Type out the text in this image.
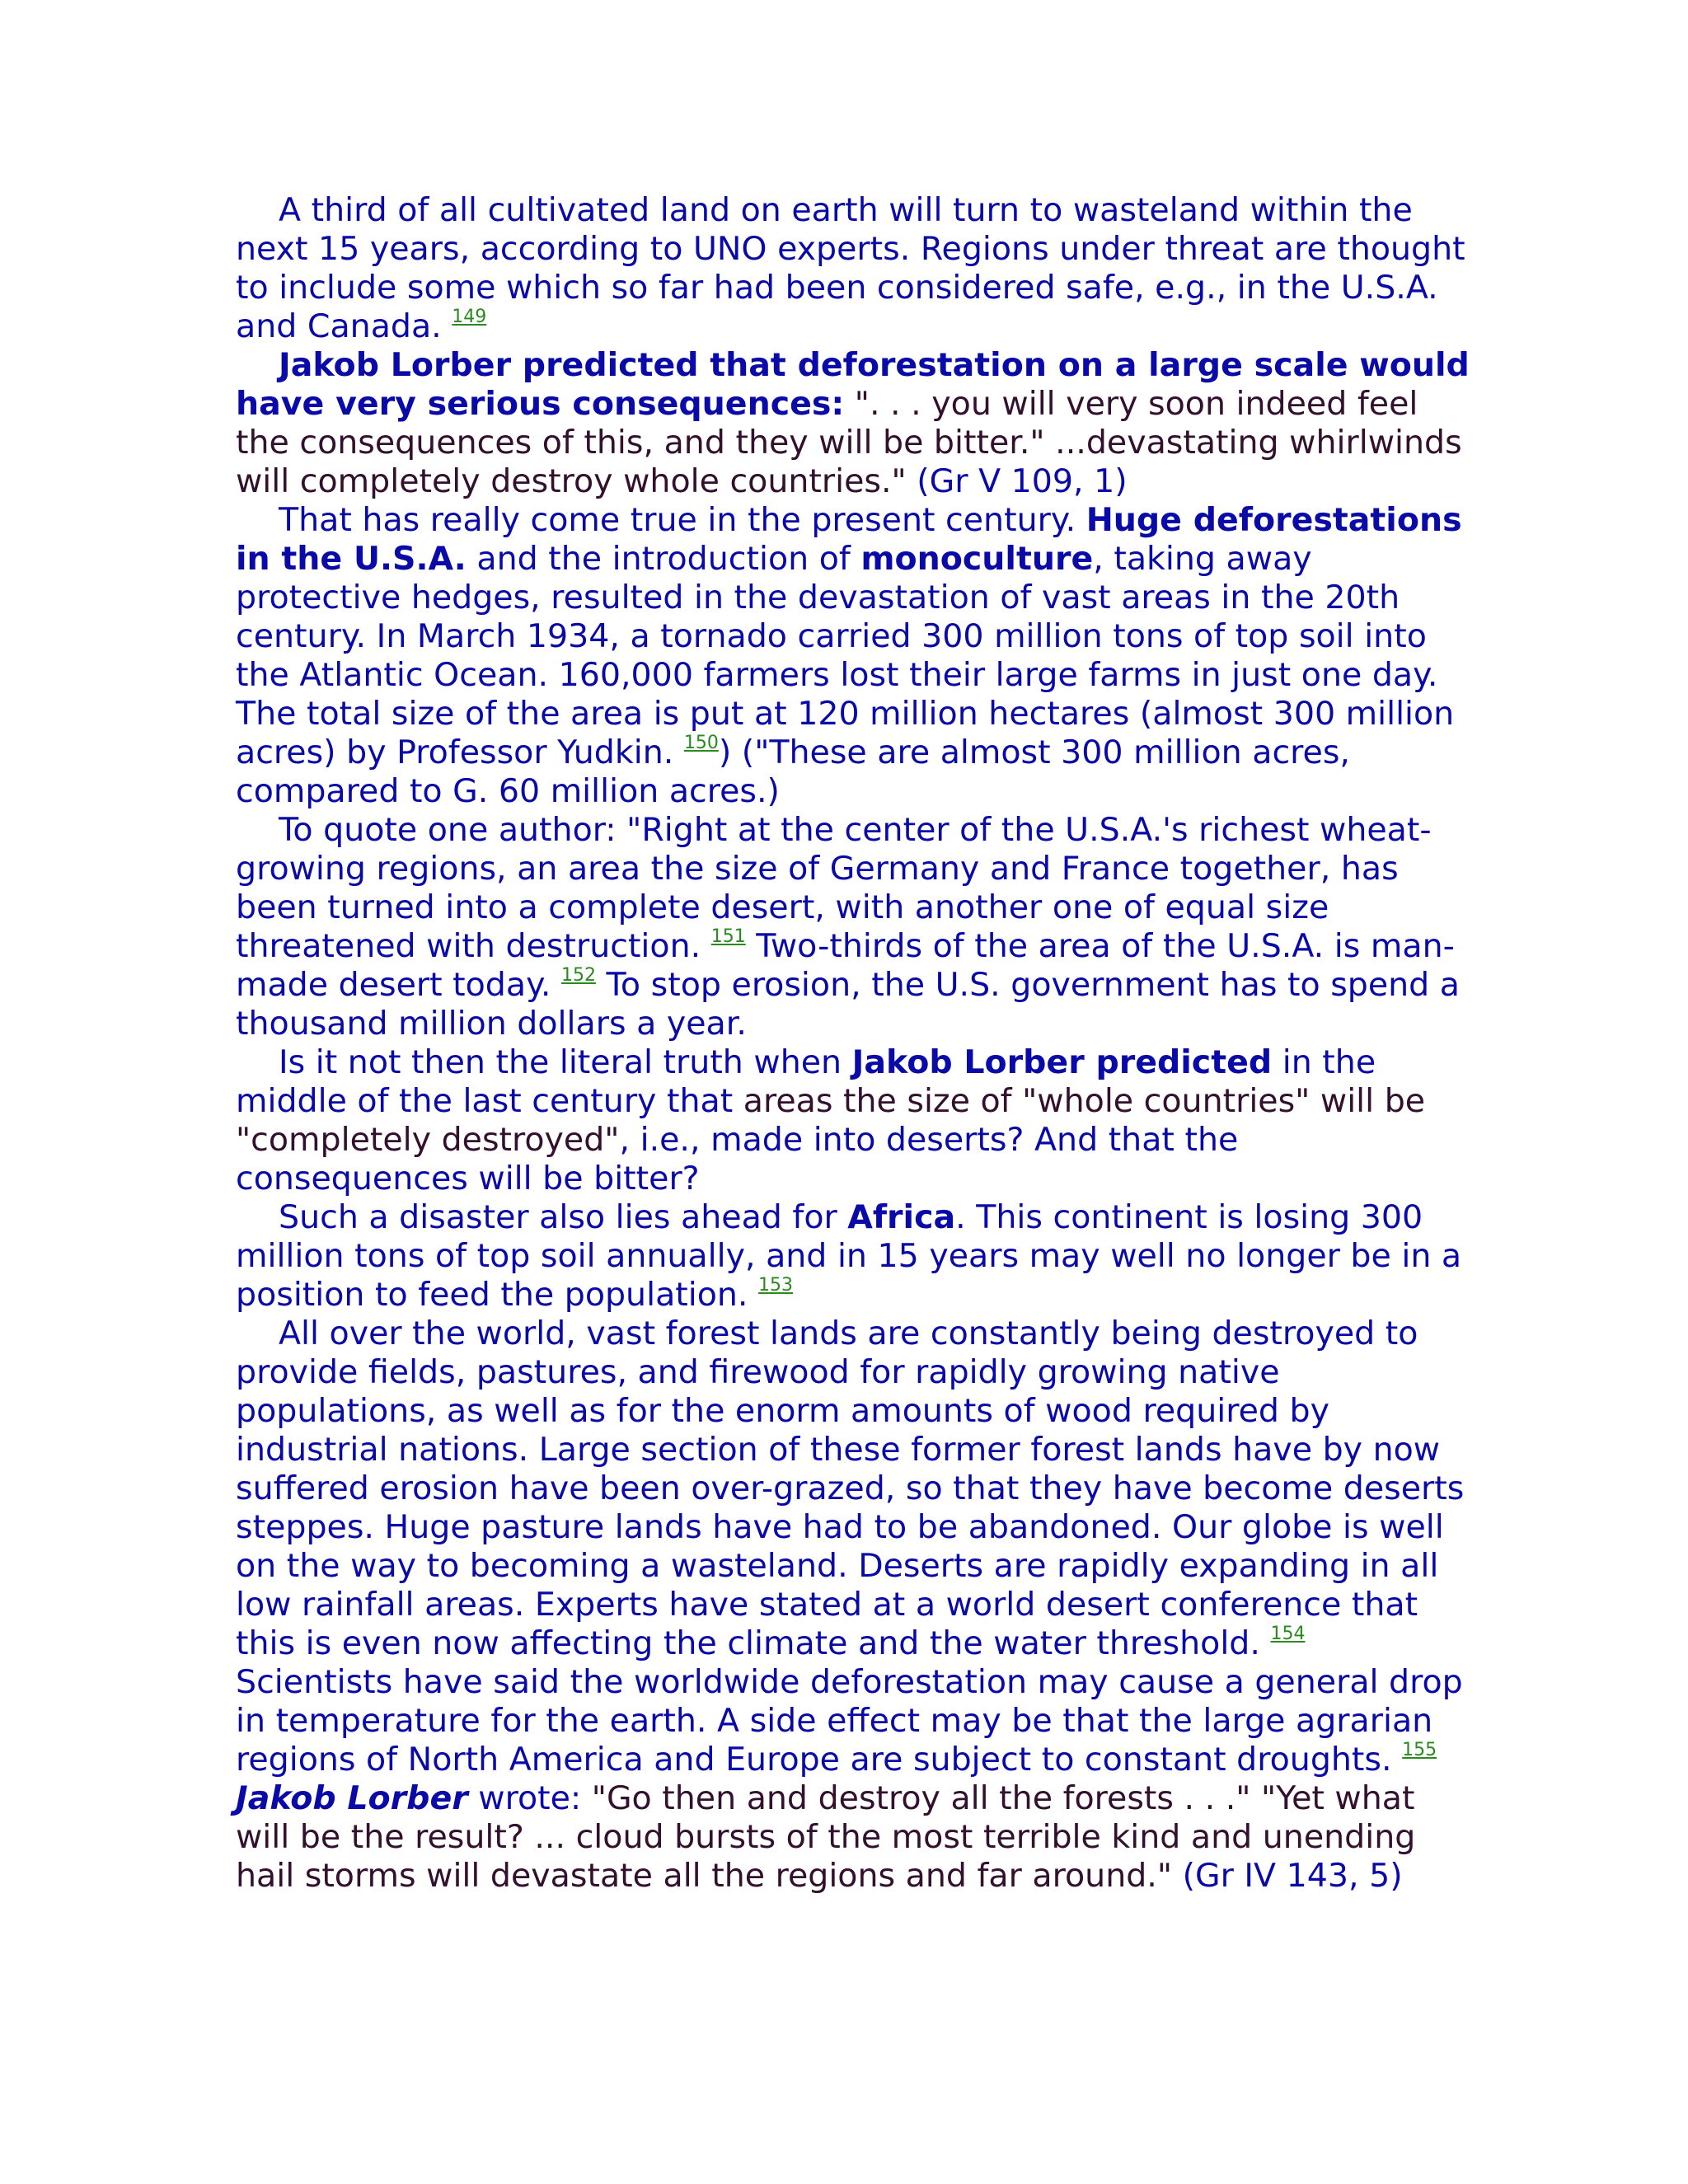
A third of all cultivated land on earth will turn to wasteland within the next 15 years, according to UNO experts. Regions under threat are thought to include some which so far had been considered safe, e.g., in the U.S.A. and Canada. $^{149}$

Jakob Lorber predicted that deforestation on a large scale would have very serious consequences: ". . . you will very soon indeed feel the consequences of this, and they will be bitter." ...devastating whirlwinds will completely destroy whole countries." (Gr V 109, 1)

That has really come true in the present century. Huge deforestations in the U.S.A. and the introduction of monoculture, taking away protective hedges, resulted in the devastation of vast areas in the 20th century. In March 1934, a tornado carried 300 million tons of top soil into the Atlantic Ocean. 160,000 farmers lost their large farms in just one day. The total size of the area is put at 120 million hectares (almost 300 million acres) by Professor Yudkin. $^{150}$) ("These are almost 300 million acres, compared to G. 60 million acres.)

To quote one author: "Right at the center of the U.S.A.'s richest wheat-growing regions, an area the size of Germany and France together, has been turned into a complete desert, with another one of equal size threatened with destruction. $^{151}$ Two-thirds of the area of the U.S.A. is man-made desert today. $^{152}$ To stop erosion, the U.S. government has to spend a thousand million dollars a year.

Is it not then the literal truth when Jakob Lorber predicted in the middle of the last century that areas the size of "whole countries" will be "completely destroyed", i.e., made into deserts? And that the consequences will be bitter?

Such a disaster also lies ahead for Africa. This continent is losing 300 million tons of top soil annually, and in 15 years may well no longer be in a position to feed the population. $^{153}$

All over the world, vast forest lands are constantly being destroyed to provide fields, pastures, and firewood for rapidly growing native populations, as well as for the enorm amounts of wood required by industrial nations. Large section of these former forest lands have by now suffered erosion have been over-grazed, so that they have become deserts steppes. Huge pasture lands have had to be abandoned. Our globe is well on the way to becoming a wasteland. Deserts are rapidly expanding in all low rainfall areas. Experts have stated at a world desert conference that this is even now affecting the climate and the water threshold. $^{154}$ Scientists have said the worldwide deforestation may cause a general drop in temperature for the earth. A side effect may be that the large agrarian regions of North America and Europe are subject to constant droughts. $^{155}$ Jakob Lorber wrote: "Go then and destroy all the forests . . ." "Yet what will be the result? ... cloud bursts of the most terrible kind and unending hail storms will devastate all the regions and far around." (Gr IV 143, 5)
